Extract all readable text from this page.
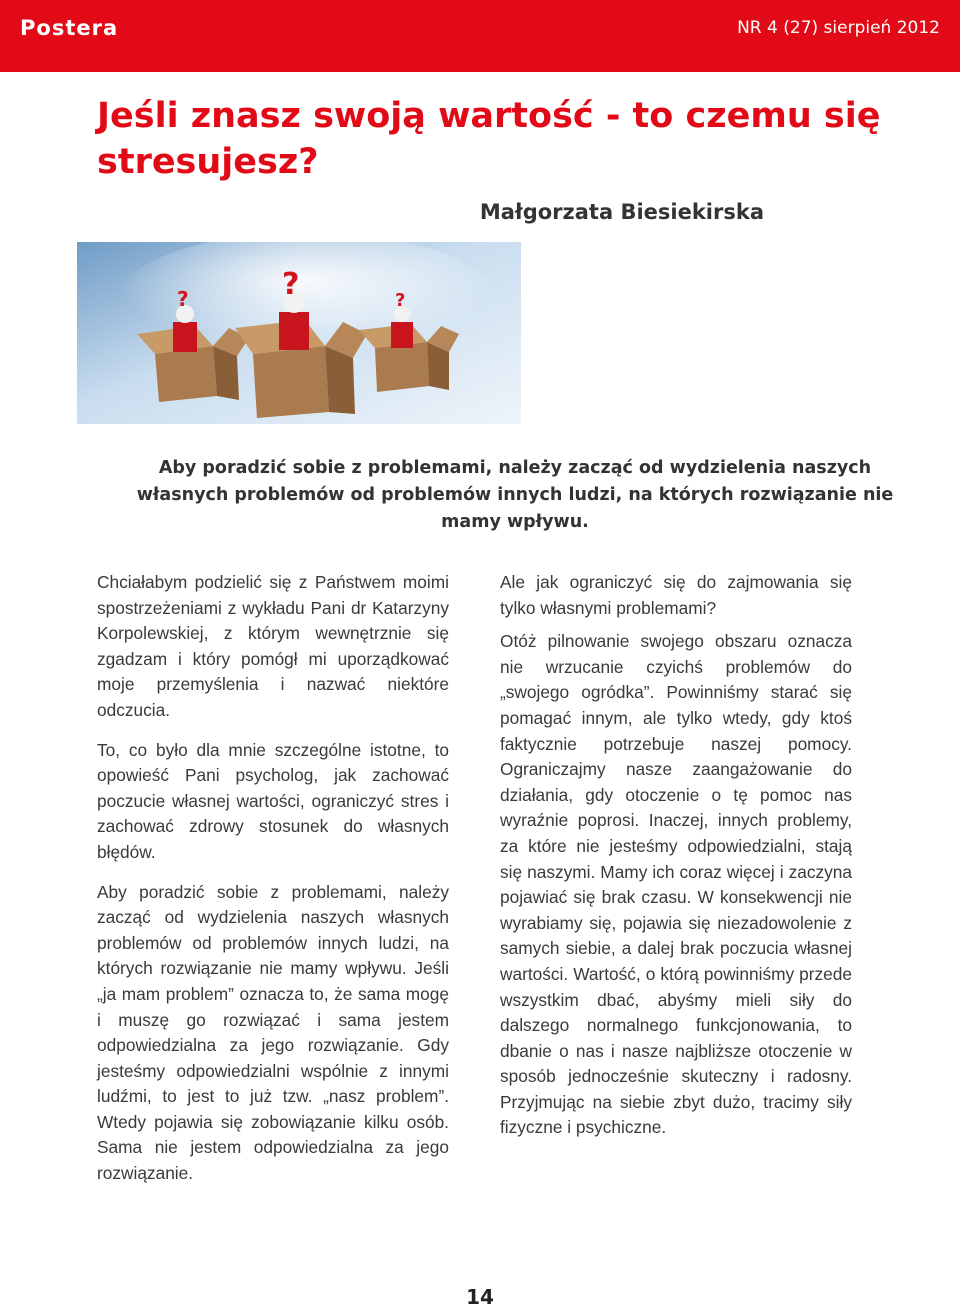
Postera	NR 4 (27) sierpień 2012
Jeśli znasz swoją wartość - to czemu się stresujesz?
Małgorzata Biesiekirska
?	?	?
Aby poradzić sobie z problemami, należy zacząć od wydzielenia naszych własnych problemów od problemów innych ludzi, na których rozwiązanie nie mamy wpływu.

Chciałabym podzielić się z Państwem moimi spostrzeżeniami z wykładu Pani dr Katarzyny Korpolewskiej, z którym wewnętrznie się zgadzam i który pomógł mi uporządkować moje przemyślenia i nazwać niektóre odczucia.

To, co było dla mnie szczególne istotne, to opowieść Pani psycholog, jak zachować poczucie własnej wartości, ograniczyć stres i zachować zdrowy stosunek do własnych błędów.

Aby poradzić sobie z problemami, należy zacząć od wydzielenia naszych własnych problemów od problemów innych ludzi, na których rozwiązanie nie mamy wpływu. Jeśli „ja mam problem” oznacza to, że sama mogę i muszę go rozwiązać i sama jestem odpowiedzialna za jego rozwiązanie. Gdy jesteśmy odpowiedzialni wspólnie z innymi ludźmi, to jest to już tzw. „nasz problem”. Wtedy pojawia się zobowiązanie kilku osób. Sama nie jestem odpowiedzialna za jego rozwiązanie.

Ale jak ograniczyć się do zajmowania się tylko własnymi problemami?

Otóż pilnowanie swojego obszaru oznacza nie wrzucanie czyichś problemów do „swojego ogródka”. Powinniśmy starać się pomagać innym, ale tylko wtedy, gdy ktoś faktycznie potrzebuje naszej pomocy. Ograniczajmy nasze zaangażowanie do działania, gdy otoczenie o tę pomoc nas wyraźnie poprosi. Inaczej, innych problemy, za które nie jesteśmy odpowiedzialni, stają się naszymi. Mamy ich coraz więcej i zaczyna pojawiać się brak czasu. W konsekwencji nie wyrabiamy się, pojawia się niezadowolenie z samych siebie, a dalej brak poczucia własnej wartości. Wartość, o którą powinniśmy przede wszystkim dbać, abyśmy mieli siły do dalszego normalnego funkcjonowania, to dbanie o nas i nasze najbliższe otoczenie w sposób jednocześnie skuteczny i radosny. Przyjmując na siebie zbyt dużo, tracimy siły fizyczne i psychiczne.

14
